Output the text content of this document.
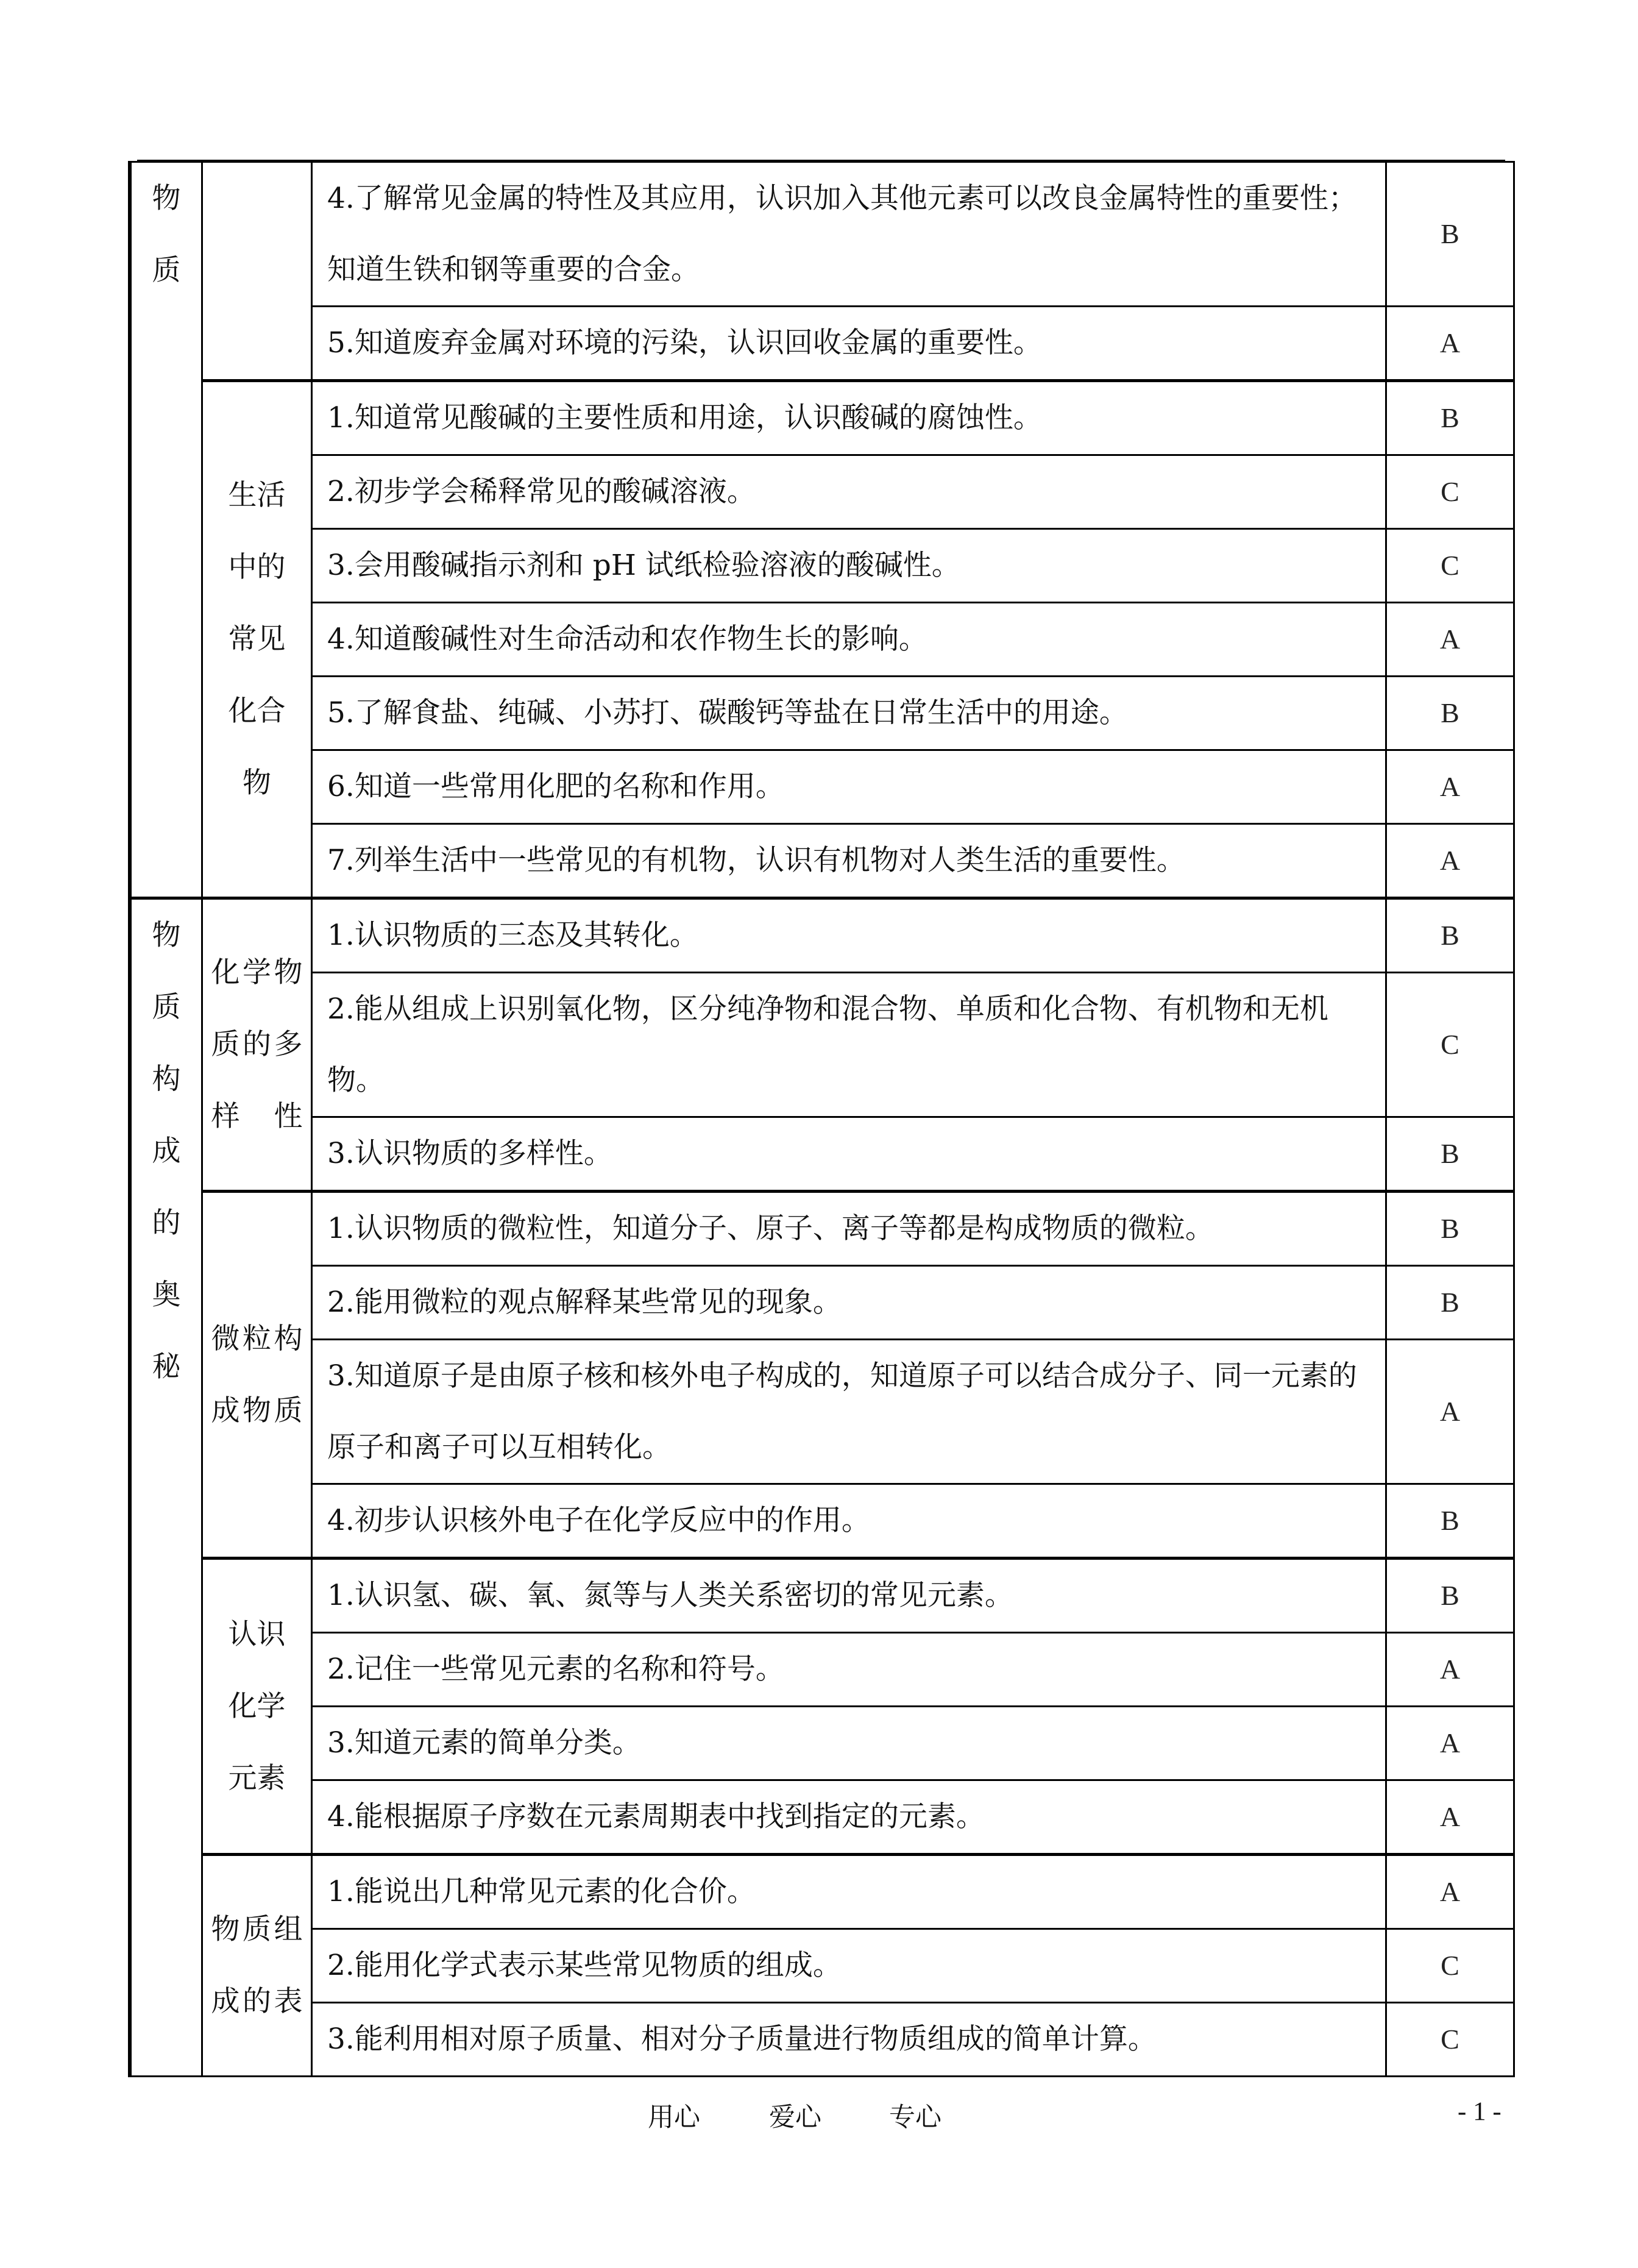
物质		4.了解常见金属的特性及其应用，认识加入其他元素可以改良金属特性的重要性；知道生铁和钢等重要的合金。	B
		5.知道废弃金属对环境的污染，认识回收金属的重要性。	A

	生活中的常见化合物	1.知道常见酸碱的主要性质和用途，认识酸碱的腐蚀性。	B
		2.初步学会稀释常见的酸碱溶液。	C
		3.会用酸碱指示剂和 pH 试纸检验溶液的酸碱性。	C
		4.知道酸碱性对生命活动和农作物生长的影响。	A
		5.了解食盐、纯碱、小苏打、碳酸钙等盐在日常生活中的用途。	B
		6.知道一些常用化肥的名称和作用。	A
		7.列举生活中一些常见的有机物，认识有机物对人类生活的重要性。	A

物质构成的奥秘	化学物质的多样性	1.认识物质的三态及其转化。	B
		2.能从组成上识别氧化物，区分纯净物和混合物、单质和化合物、有机物和无机物。	C
		3.认识物质的多样性。	B

	微粒构成物质	1.认识物质的微粒性，知道分子、原子、离子等都是构成物质的微粒。	B
		2.能用微粒的观点解释某些常见的现象。	B
		3.知道原子是由原子核和核外电子构成的，知道原子可以结合成分子、同一元素的原子和离子可以互相转化。	A
		4.初步认识核外电子在化学反应中的作用。	B

	认识化学元素	1.认识氢、碳、氧、氮等与人类关系密切的常见元素。	B
		2.记住一些常见元素的名称和符号。	A
		3.知道元素的简单分类。	A
		4.能根据原子序数在元素周期表中找到指定的元素。	A

	物质组成的表	1.能说出几种常见元素的化合价。	A
		2.能用化学式表示某些常见物质的组成。	C
		3.能利用相对原子质量、相对分子质量进行物质组成的简单计算。	C
用心	爱心	专心	- 1 -
